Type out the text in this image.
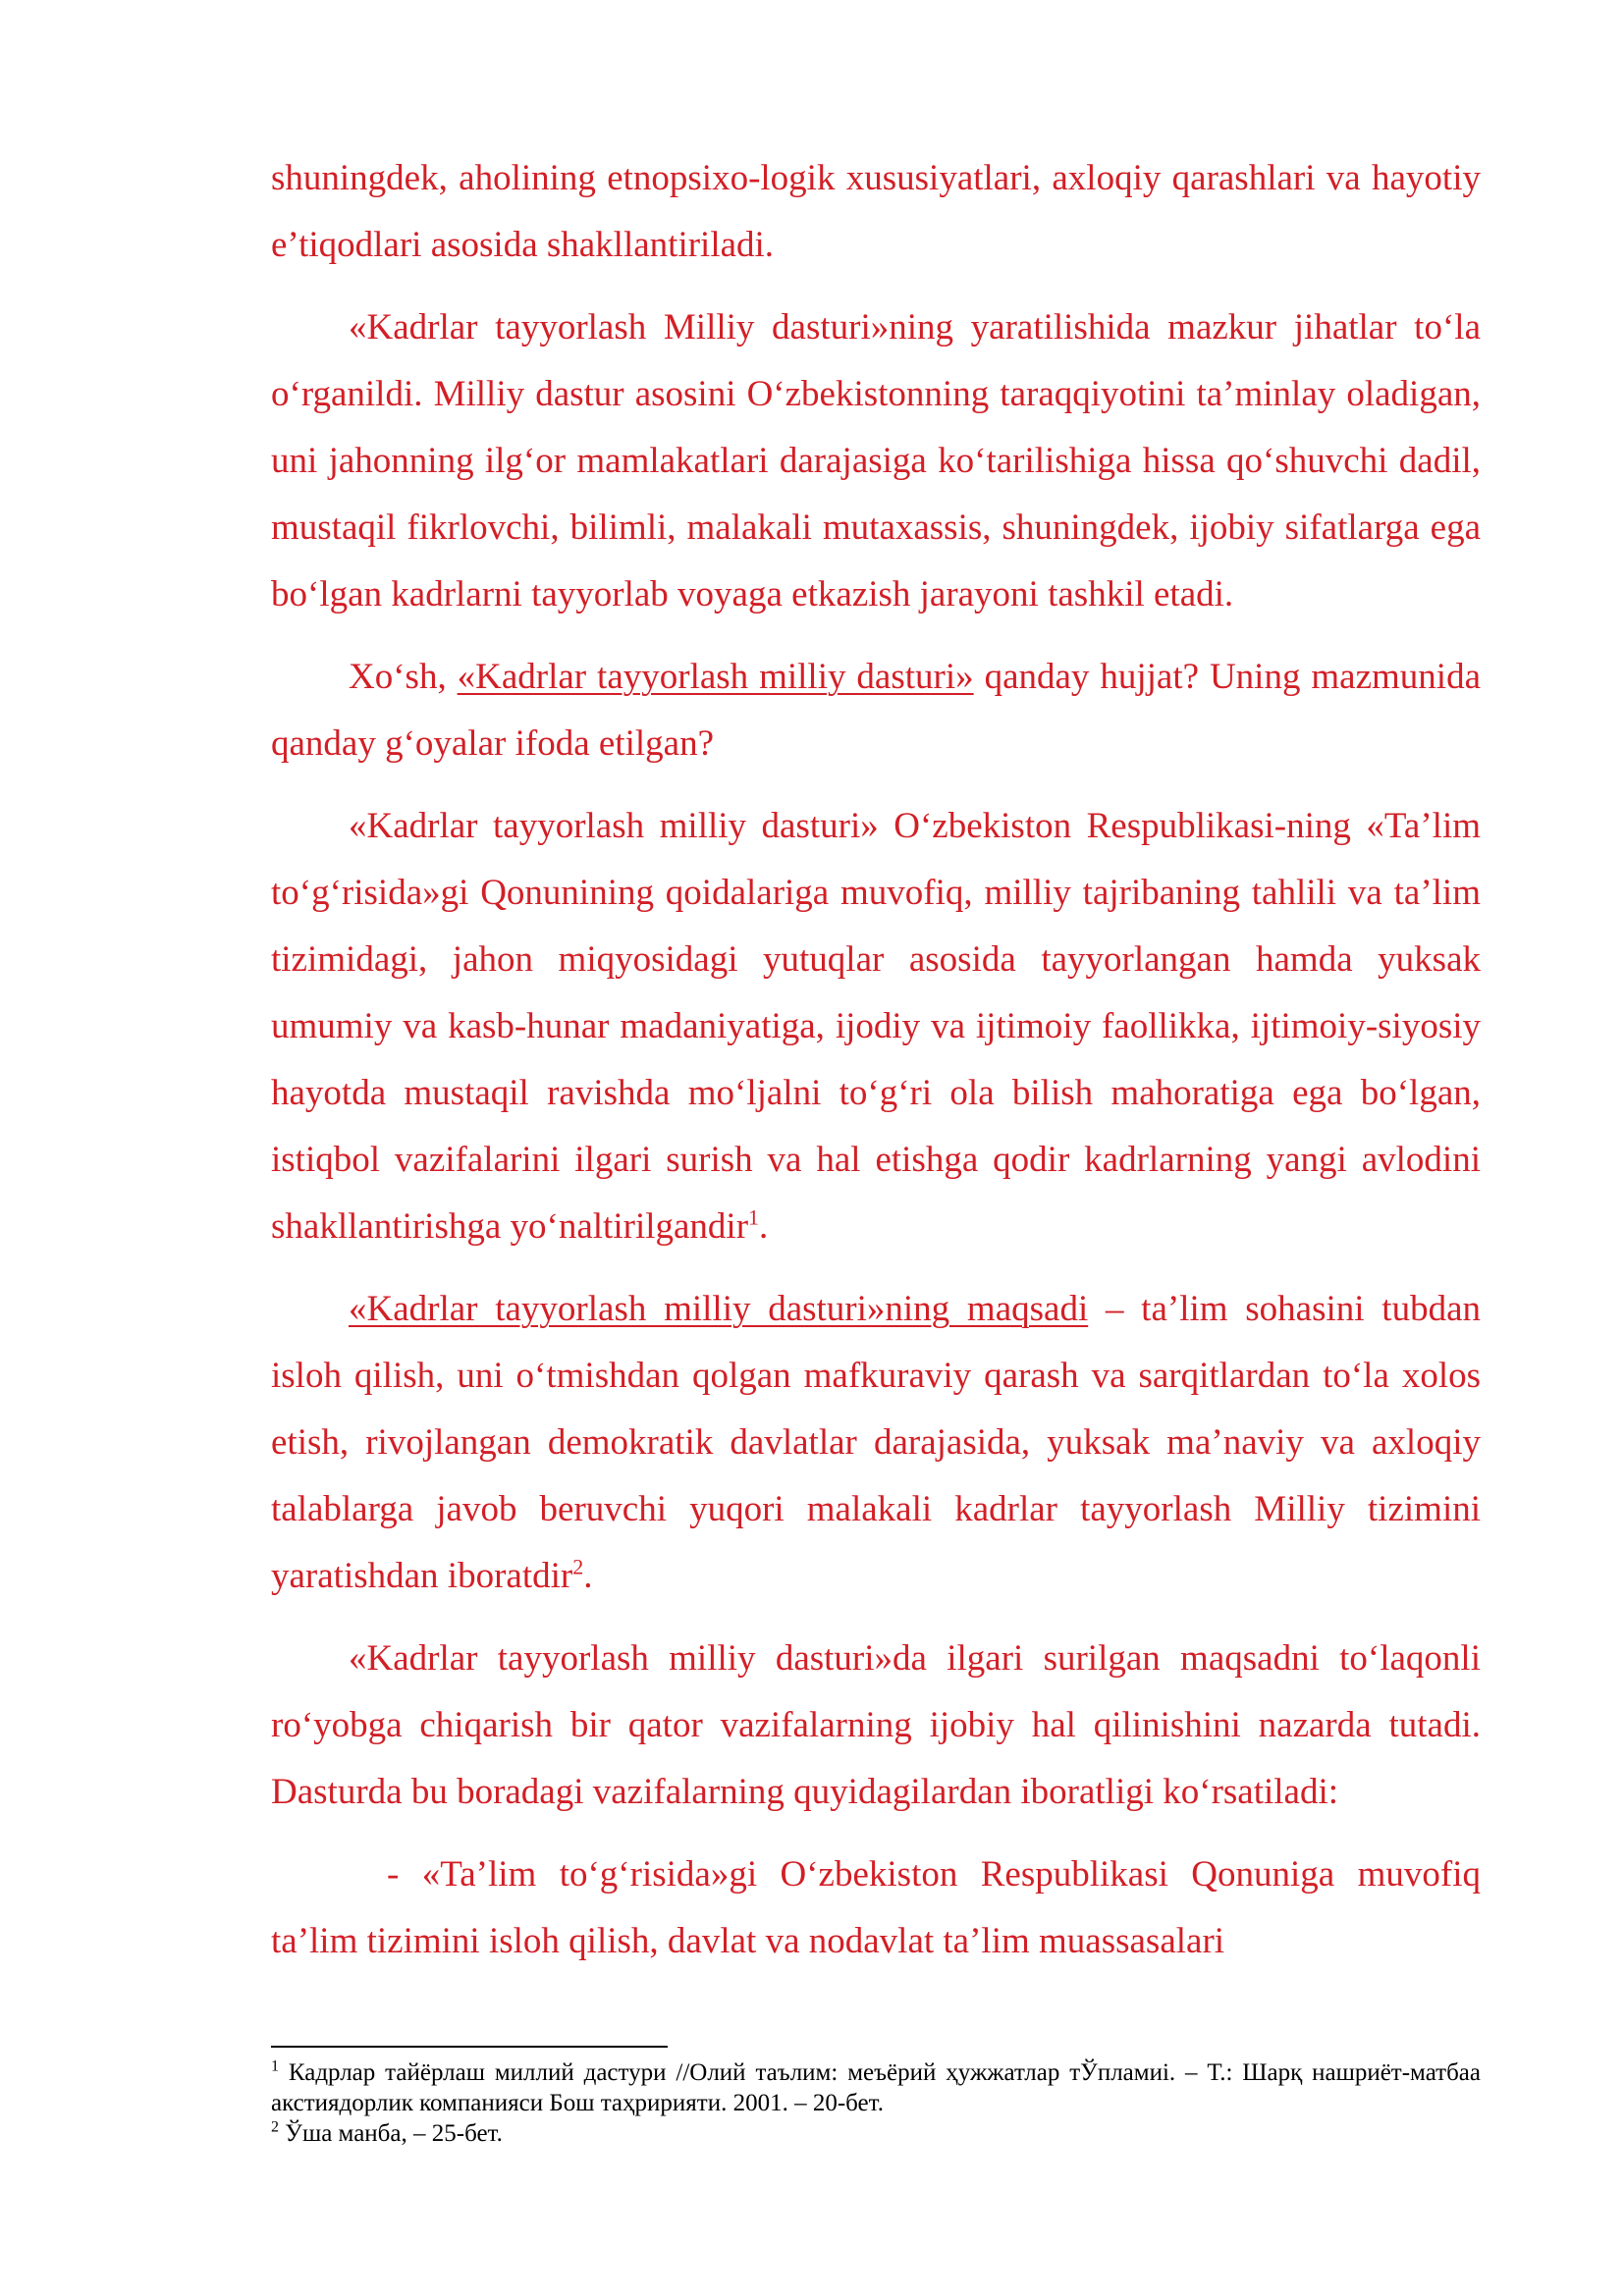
shuningdek, aholining etnopsixo-logik xususiyatlari, axloqiy qarashlari va hayotiy e’tiqodlari asosida shakllantiriladi.

«Kadrlar tayyorlash Milliy dasturi»ning yaratilishida mazkur jihatlar to‘la o‘rganildi. Milliy dastur asosini O‘zbekistonning taraqqiyotini ta’minlay oladigan, uni jahonning ilg‘or mamlakatlari darajasiga ko‘tarilishiga hissa qo‘shuvchi dadil, mustaqil fikrlovchi, bilimli, malakali mutaxassis, shuningdek, ijobiy sifatlarga ega bo‘lgan kadrlarni tayyorlab voyaga etkazish jarayoni tashkil etadi.

Xo‘sh, «Kadrlar tayyorlash milliy dasturi» qanday hujjat? Uning mazmunida qanday g‘oyalar ifoda etilgan?

«Kadrlar tayyorlash milliy dasturi» O‘zbekiston Respublikasi-ning «Ta’lim to‘g‘risida»gi Qonunining qoidalariga muvofiq, milliy tajribaning tahlili va ta’lim tizimidagi, jahon miqyosidagi yutuqlar asosida tayyorlangan hamda yuksak umumiy va kasb-hunar madaniyatiga, ijodiy va ijtimoiy faollikka, ijtimoiy-siyosiy hayotda mustaqil ravishda mo‘ljalni to‘g‘ri ola bilish mahoratiga ega bo‘lgan, istiqbol vazifalarini ilgari surish va hal etishga qodir kadrlarning yangi avlodini shakllantirishga yo‘naltirilgandir$^1$.

«Kadrlar tayyorlash milliy dasturi»ning maqsadi – ta’lim sohasini tubdan isloh qilish, uni o‘tmishdan qolgan mafkuraviy qarash va sarqitlardan to‘la xolos etish, rivojlangan demokratik davlatlar darajasida, yuksak ma’naviy va axloqiy talablarga javob beruvchi yuqori malakali kadrlar tayyorlash Milliy tizimini yaratishdan iboratdir$^2$.

«Kadrlar tayyorlash milliy dasturi»da ilgari surilgan maqsadni to‘laqonli ro‘yobga chiqarish bir qator vazifalarning ijobiy hal qilinishini nazarda tutadi. Dasturda bu boradagi vazifalarning quyidagilardan iboratligi ko‘rsatiladi:

- «Ta’lim to‘g‘risida»gi O‘zbekiston Respublikasi Qonuniga muvofiq ta’lim tizimini isloh qilish, davlat va nodavlat ta’lim muassasalari

$^1$ Кадрлар тайёрлаш миллий дастури //Олий таълим: меъёрий ҳужжатлар тЎпламиi. – Т.: Шарқ нашриёт-матбаа акстиядорлик компанияси Бош таҳририяти. 2001. – 20-бет.

$^2$ Ўша манба, – 25-бет.
